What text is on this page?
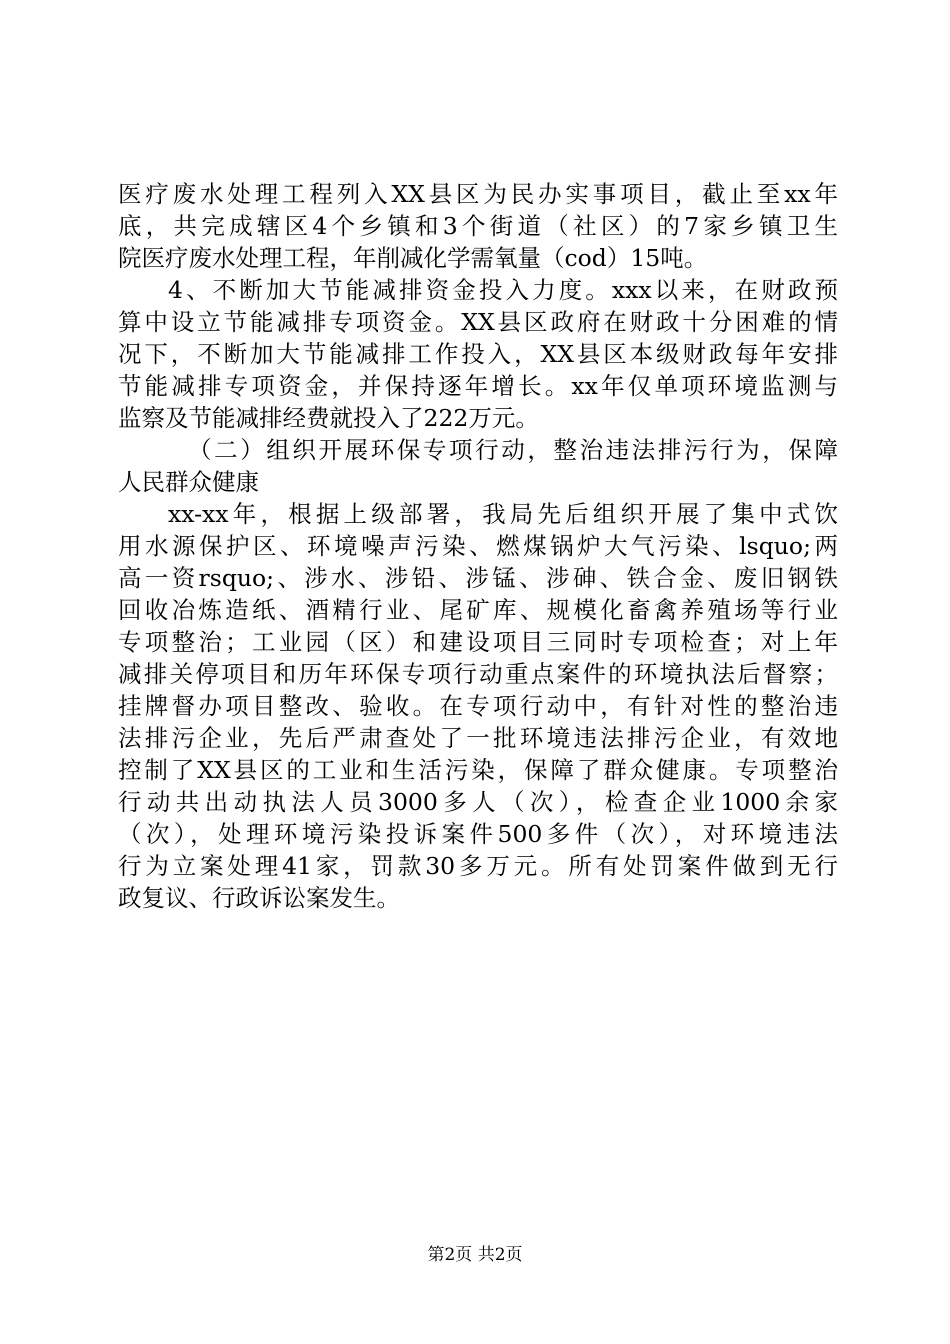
医疗废水处理工程列入XX县区为民办实事项目，截止至xx年
底，共完成辖区4个乡镇和3个街道（社区）的7家乡镇卫生
院医疗废水处理工程，年削减化学需氧量（cod）15吨。
4、不断加大节能减排资金投入力度。xxx以来，在财政预
算中设立节能减排专项资金。XX县区政府在财政十分困难的情
况下，不断加大节能减排工作投入，XX县区本级财政每年安排
节能减排专项资金，并保持逐年增长。xx年仅单项环境监测与
监察及节能减排经费就投入了222万元。
（二）组织开展环保专项行动，整治违法排污行为，保障
人民群众健康
xx-xx年，根据上级部署，我局先后组织开展了集中式饮
用水源保护区、环境噪声污染、燃煤锅炉大气污染、lsquo;两
高一资rsquo;、涉水、涉铅、涉锰、涉砷、铁合金、废旧钢铁
回收冶炼造纸、酒精行业、尾矿库、规模化畜禽养殖场等行业
专项整治；工业园（区）和建设项目三同时专项检查；对上年
减排关停项目和历年环保专项行动重点案件的环境执法后督察；
挂牌督办项目整改、验收。在专项行动中，有针对性的整治违
法排污企业，先后严肃查处了一批环境违法排污企业，有效地
控制了XX县区的工业和生活污染，保障了群众健康。专项整治
行动共出动执法人员3000多人（次），检查企业1000余家
（次），处理环境污染投诉案件500多件（次），对环境违法
行为立案处理41家，罚款30多万元。所有处罚案件做到无行
政复议、行政诉讼案发生。
第2页 共2页
